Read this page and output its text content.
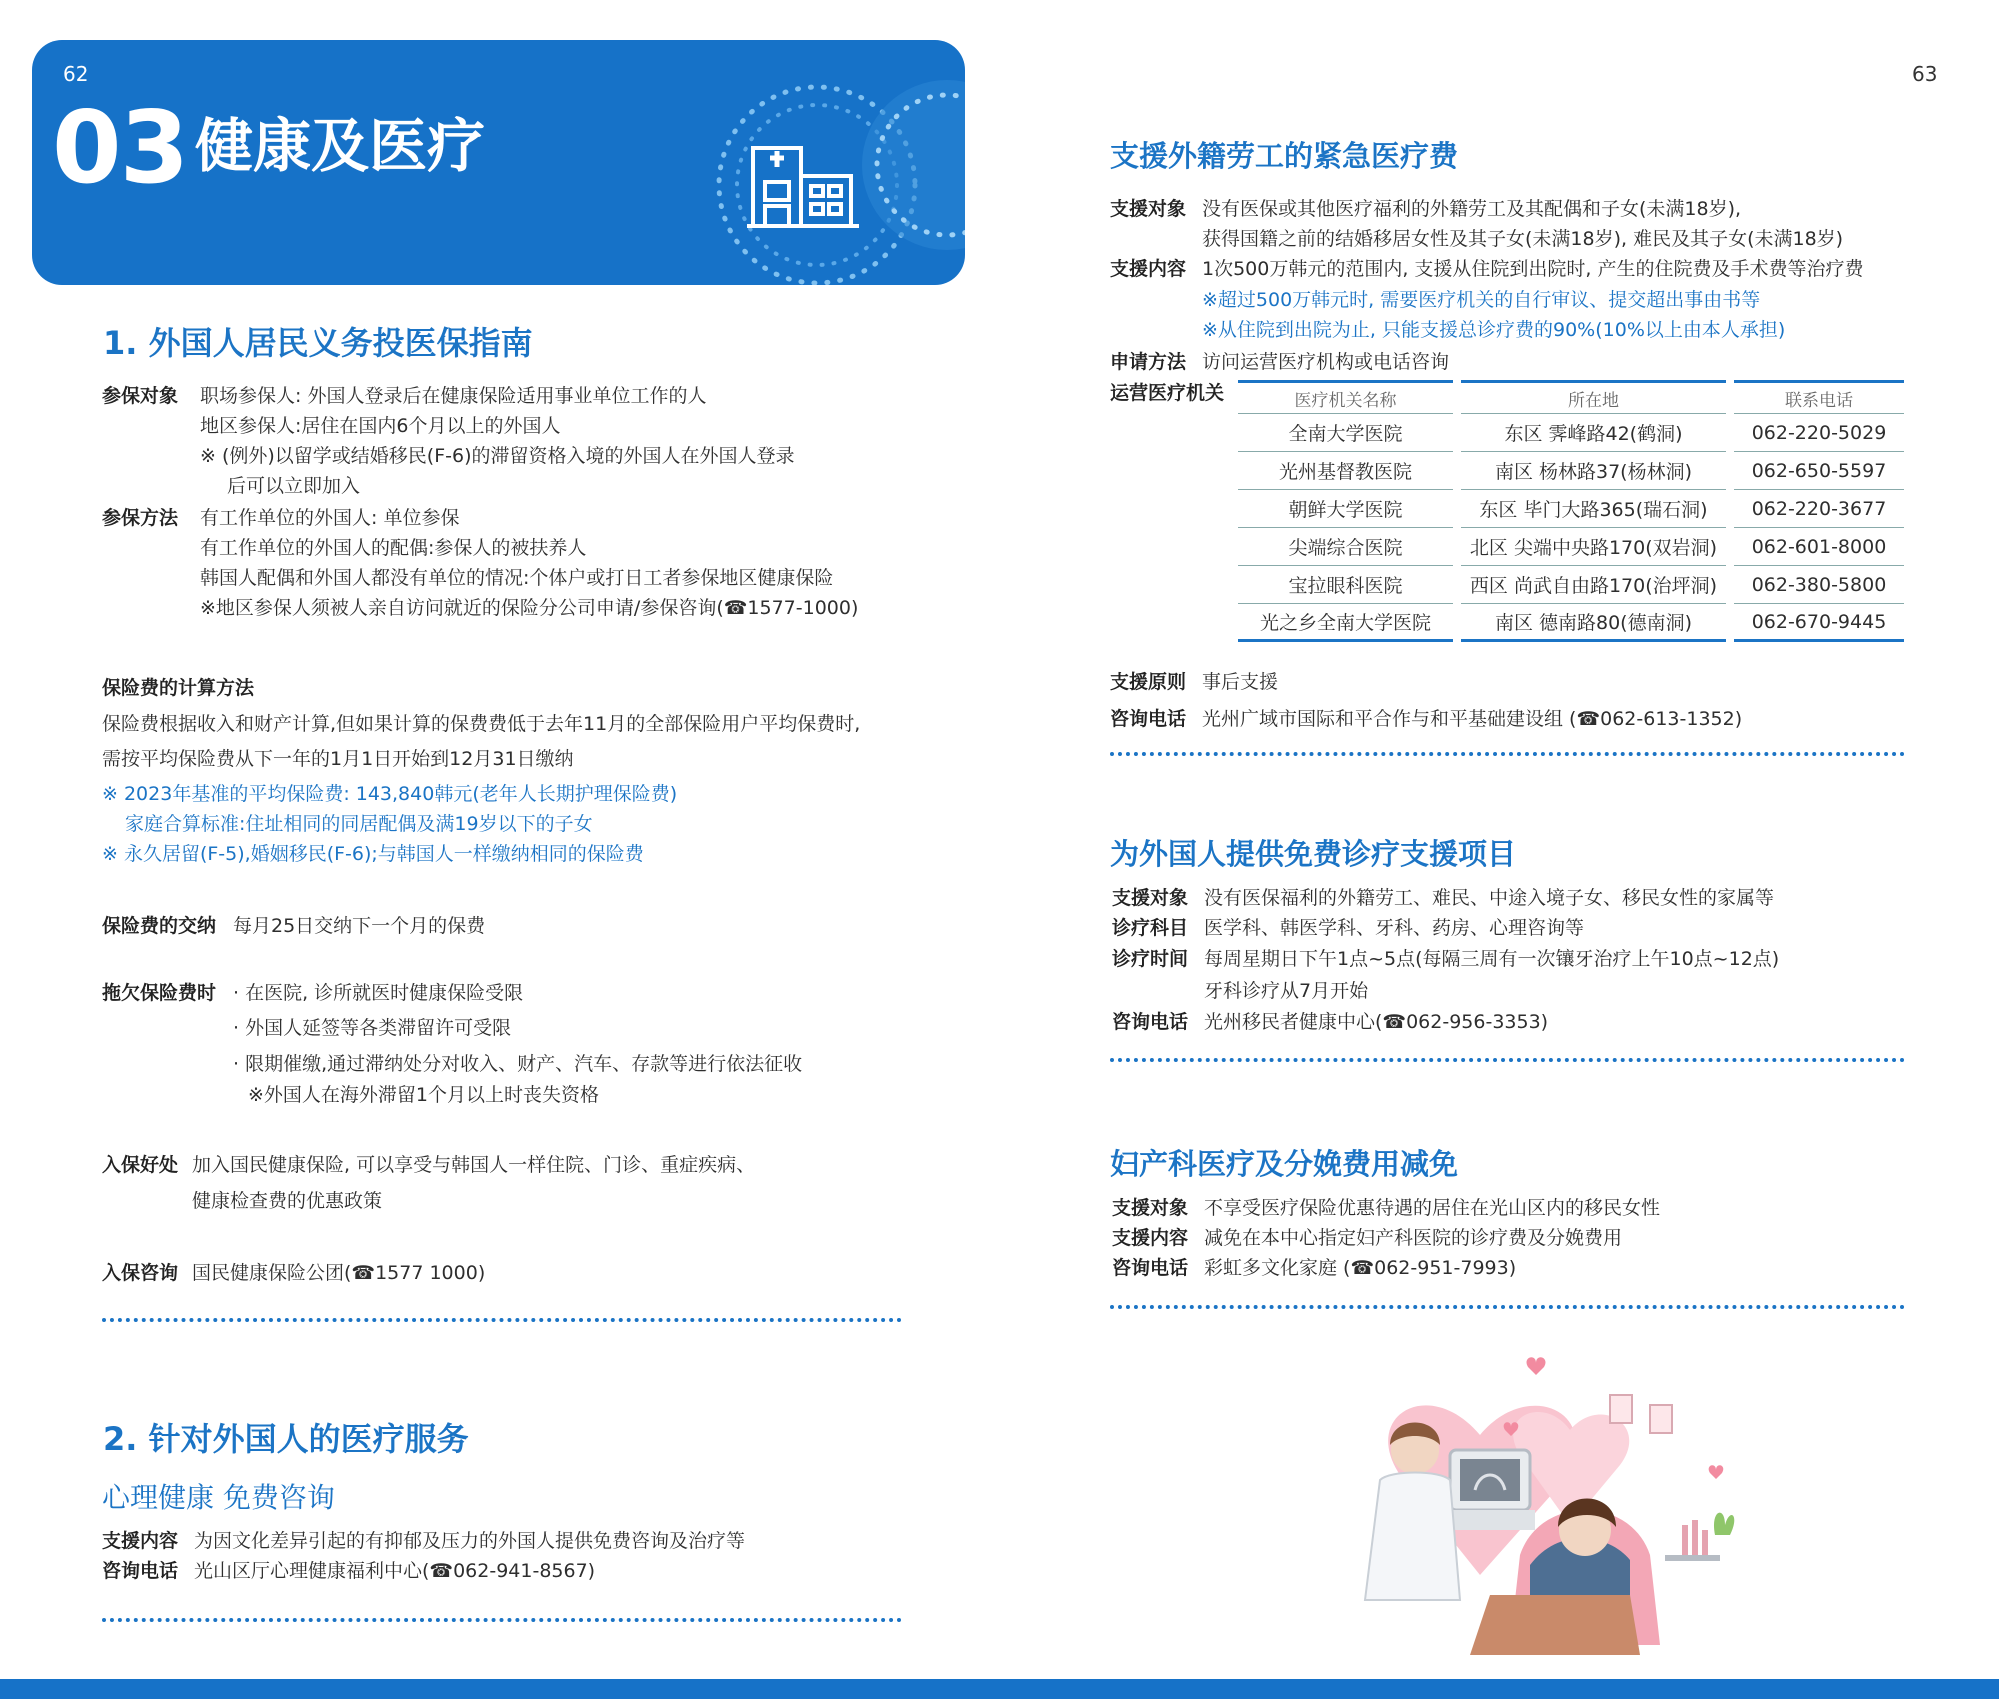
62
03 健康及医疗
1. 外国人居民义务投医保指南
参保对象 职场参保人: 外国人登录后在健康保险适用事业单位工作的人
地区参保人:居住在国内6个月以上的外国人
※ (例外)以留学或结婚移民(F-6)的滞留资格入境的外国人在外国人登录
后可以立即加入
参保方法 有工作单位的外国人: 单位参保
有工作单位的外国人的配偶:参保人的被扶养人
韩国人配偶和外国人都没有单位的情况:个体户或打日工者参保地区健康保险
※地区参保人须被人亲自访问就近的保险分公司申请/参保咨询(☎1577-1000)
保险费的计算方法
保险费根据收入和财产计算,但如果计算的保费费低于去年11月的全部保险用户平均保费时,
需按平均保险费从下一年的1月1日开始到12月31日缴纳
※ 2023年基准的平均保险费: 143,840韩元(老年人长期护理保险费)
家庭合算标准:住址相同的同居配偶及满19岁以下的子女
※ 永久居留(F-5),婚姻移民(F-6);与韩国人一样缴纳相同的保险费
保险费的交纳 每月25日交纳下一个月的保费
拖欠保险费时 · 在医院, 诊所就医时健康保险受限
· 外国人延签等各类滞留许可受限
· 限期催缴,通过滞纳处分对收入、财产、汽车、存款等进行依法征收
※外国人在海外滞留1个月以上时丧失资格
入保好处 加入国民健康保险, 可以享受与韩国人一样住院、门诊、重症疾病、
健康检查费的优惠政策
入保咨询 国民健康保险公团(☎1577 1000)
2. 针对外国人的医疗服务
心理健康 免费咨询
支援内容 为因文化差异引起的有抑郁及压力的外国人提供免费咨询及治疗等
咨询电话 光山区厅心理健康福利中心(☎062-941-8567)
63
支援外籍劳工的紧急医疗费
支援对象 没有医保或其他医疗福利的外籍劳工及其配偶和子女(未满18岁),
获得国籍之前的结婚移居女性及其子女(未满18岁), 难民及其子女(未满18岁)
支援内容 1次500万韩元的范围内, 支援从住院到出院时, 产生的住院费及手术费等治疗费
※超过500万韩元时, 需要医疗机关的自行审议、提交超出事由书等
※从住院到出院为止, 只能支援总诊疗费的90%(10%以上由本人承担)
申请方法 访问运营医疗机构或电话咨询
运营医疗机关	医疗机关名称	所在地	联系电话
全南大学医院	东区 霁峰路42(鹤洞)	062-220-5029
光州基督教医院	南区 杨林路37(杨林洞)	062-650-5597
朝鲜大学医院	东区 毕门大路365(瑞石洞)	062-220-3677
尖端综合医院	北区 尖端中央路170(双岩洞)	062-601-8000
宝拉眼科医院	西区 尚武自由路170(治坪洞)	062-380-5800
光之乡全南大学医院	南区 德南路80(德南洞)	062-670-9445
支援原则 事后支援
咨询电话 光州广域市国际和平合作与和平基础建设组 (☎062-613-1352)
为外国人提供免费诊疗支援项目
支援对象 没有医保福利的外籍劳工、难民、中途入境子女、移民女性的家属等
诊疗科目 医学科、韩医学科、牙科、药房、心理咨询等
诊疗时间 每周星期日下午1点~5点(每隔三周有一次镶牙治疗上午10点~12点)
牙科诊疗从7月开始
咨询电话 光州移民者健康中心(☎062-956-3353)
妇产科医疗及分娩费用减免
支援对象 不享受医疗保险优惠待遇的居住在光山区内的移民女性
支援内容 减免在本中心指定妇产科医院的诊疗费及分娩费用
咨询电话 彩虹多文化家庭 (☎062-951-7993)
